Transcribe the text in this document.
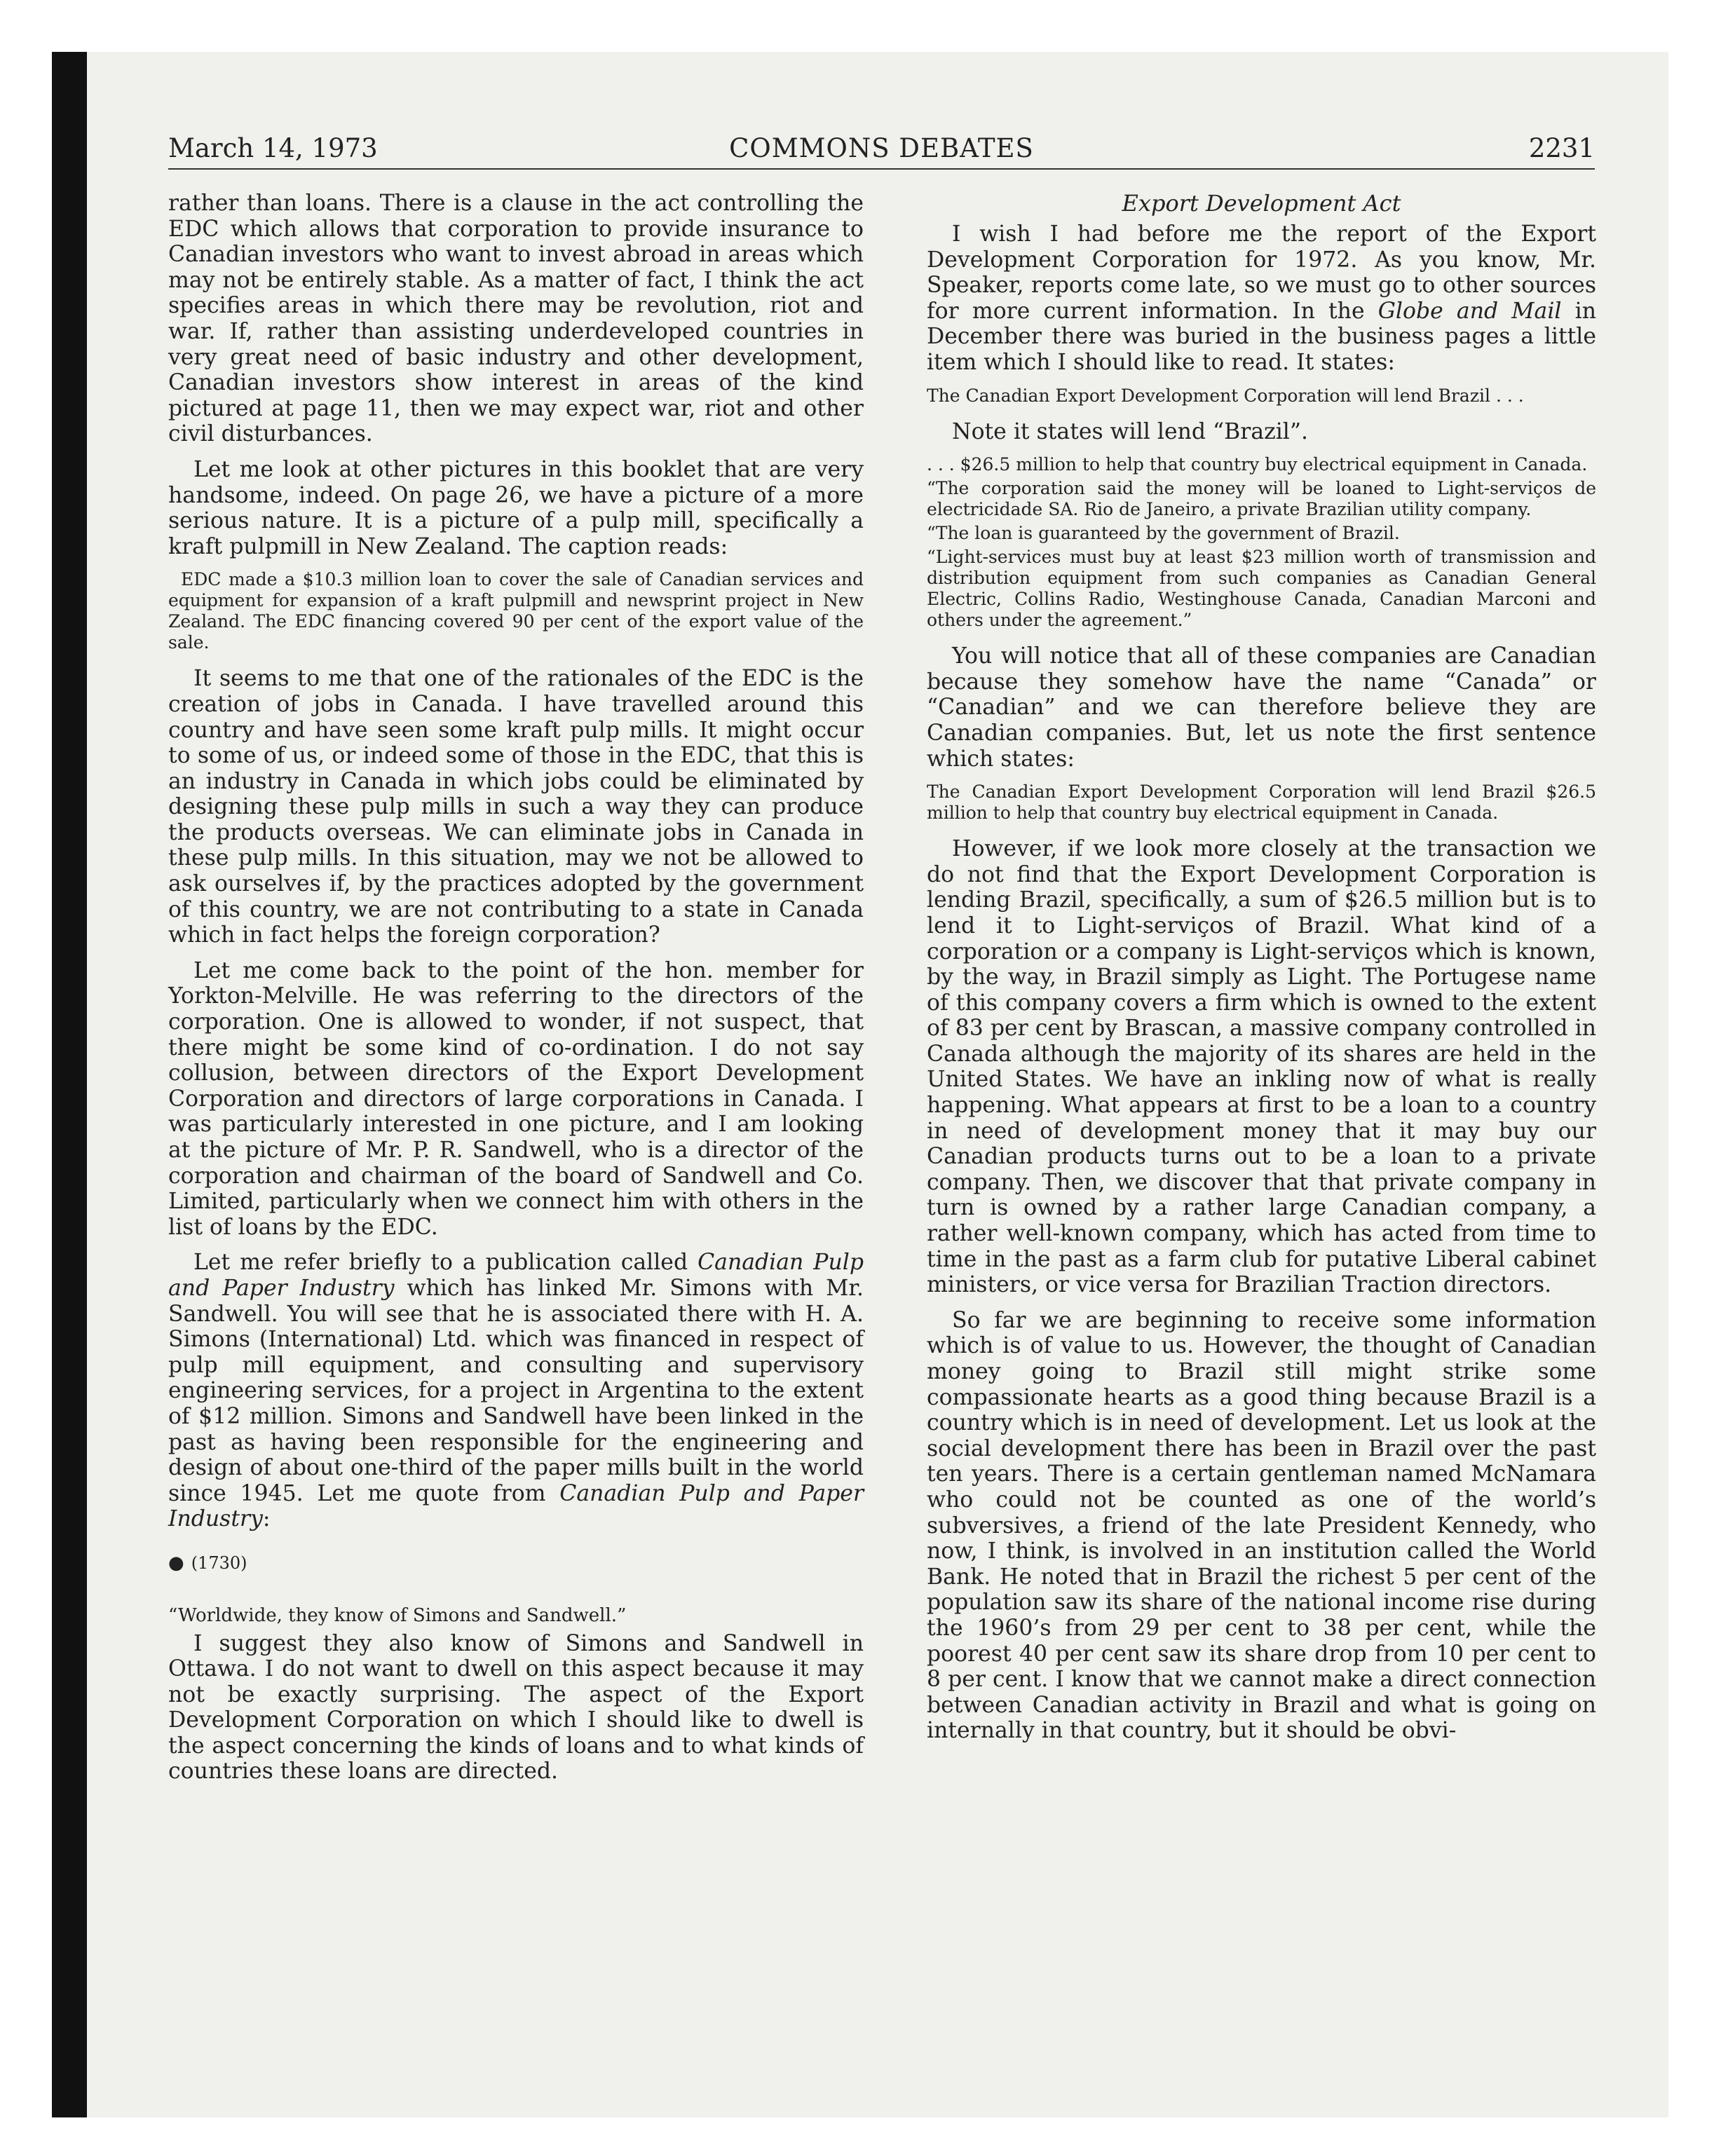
March 14, 1973	COMMONS DEBATES	2231

rather than loans. There is a clause in the act controlling the EDC which allows that corporation to provide insurance to Canadian investors who want to invest abroad in areas which may not be entirely stable. As a matter of fact, I think the act specifies areas in which there may be revolution, riot and war. If, rather than assisting underdeveloped countries in very great need of basic industry and other development, Canadian investors show interest in areas of the kind pictured at page 11, then we may expect war, riot and other civil disturbances.

Let me look at other pictures in this booklet that are very handsome, indeed. On page 26, we have a picture of a more serious nature. It is a picture of a pulp mill, specifically a kraft pulpmill in New Zealand. The caption reads:

EDC made a $10.3 million loan to cover the sale of Canadian services and equipment for expansion of a kraft pulpmill and newsprint project in New Zealand. The EDC financing covered 90 per cent of the export value of the sale.

It seems to me that one of the rationales of the EDC is the creation of jobs in Canada. I have travelled around this country and have seen some kraft pulp mills. It might occur to some of us, or indeed some of those in the EDC, that this is an industry in Canada in which jobs could be eliminated by designing these pulp mills in such a way they can produce the products overseas. We can eliminate jobs in Canada in these pulp mills. In this situation, may we not be allowed to ask ourselves if, by the practices adopted by the government of this country, we are not contributing to a state in Canada which in fact helps the foreign corporation?

Let me come back to the point of the hon. member for Yorkton-Melville. He was referring to the directors of the corporation. One is allowed to wonder, if not suspect, that there might be some kind of co-ordination. I do not say collusion, between directors of the Export Development Corporation and directors of large corporations in Canada. I was particularly interested in one picture, and I am looking at the picture of Mr. P. R. Sandwell, who is a director of the corporation and chairman of the board of Sandwell and Co. Limited, particularly when we connect him with others in the list of loans by the EDC.

Let me refer briefly to a publication called Canadian Pulp and Paper Industry which has linked Mr. Simons with Mr. Sandwell. You will see that he is associated there with H. A. Simons (International) Ltd. which was financed in respect of pulp mill equipment, and consulting and supervisory engineering services, for a project in Argentina to the extent of $12 million. Simons and Sandwell have been linked in the past as having been responsible for the engineering and design of about one-third of the paper mills built in the world since 1945. Let me quote from Canadian Pulp and Paper Industry:

● (1730)

“Worldwide, they know of Simons and Sandwell.”

I suggest they also know of Simons and Sandwell in Ottawa. I do not want to dwell on this aspect because it may not be exactly surprising. The aspect of the Export Development Corporation on which I should like to dwell is the aspect concerning the kinds of loans and to what kinds of countries these loans are directed.

Export Development Act

I wish I had before me the report of the Export Development Corporation for 1972. As you know, Mr. Speaker, reports come late, so we must go to other sources for more current information. In the Globe and Mail in December there was buried in the business pages a little item which I should like to read. It states:

The Canadian Export Development Corporation will lend Brazil . . .

Note it states will lend “Brazil”.

. . . $26.5 million to help that country buy electrical equipment in Canada.

“The corporation said the money will be loaned to Light-serviços de electricidade SA. Rio de Janeiro, a private Brazilian utility company.

“The loan is guaranteed by the government of Brazil.

“Light-services must buy at least $23 million worth of transmission and distribution equipment from such companies as Canadian General Electric, Collins Radio, Westinghouse Canada, Canadian Marconi and others under the agreement.”

You will notice that all of these companies are Canadian because they somehow have the name “Canada” or “Canadian” and we can therefore believe they are Canadian companies. But, let us note the first sentence which states:

The Canadian Export Development Corporation will lend Brazil $26.5 million to help that country buy electrical equipment in Canada.

However, if we look more closely at the transaction we do not find that the Export Development Corporation is lending Brazil, specifically, a sum of $26.5 million but is to lend it to Light-serviços of Brazil. What kind of a corporation or a company is Light-serviços which is known, by the way, in Brazil simply as Light. The Portugese name of this company covers a firm which is owned to the extent of 83 per cent by Brascan, a massive company controlled in Canada although the majority of its shares are held in the United States. We have an inkling now of what is really happening. What appears at first to be a loan to a country in need of development money that it may buy our Canadian products turns out to be a loan to a private company. Then, we discover that that private company in turn is owned by a rather large Canadian company, a rather well-known company, which has acted from time to time in the past as a farm club for putative Liberal cabinet ministers, or vice versa for Brazilian Traction directors.

So far we are beginning to receive some information which is of value to us. However, the thought of Canadian money going to Brazil still might strike some compassionate hearts as a good thing because Brazil is a country which is in need of development. Let us look at the social development there has been in Brazil over the past ten years. There is a certain gentleman named McNamara who could not be counted as one of the world’s subversives, a friend of the late President Kennedy, who now, I think, is involved in an institution called the World Bank. He noted that in Brazil the richest 5 per cent of the population saw its share of the national income rise during the 1960’s from 29 per cent to 38 per cent, while the poorest 40 per cent saw its share drop from 10 per cent to 8 per cent. I know that we cannot make a direct connection between Canadian activity in Brazil and what is going on internally in that country, but it should be obvi-
